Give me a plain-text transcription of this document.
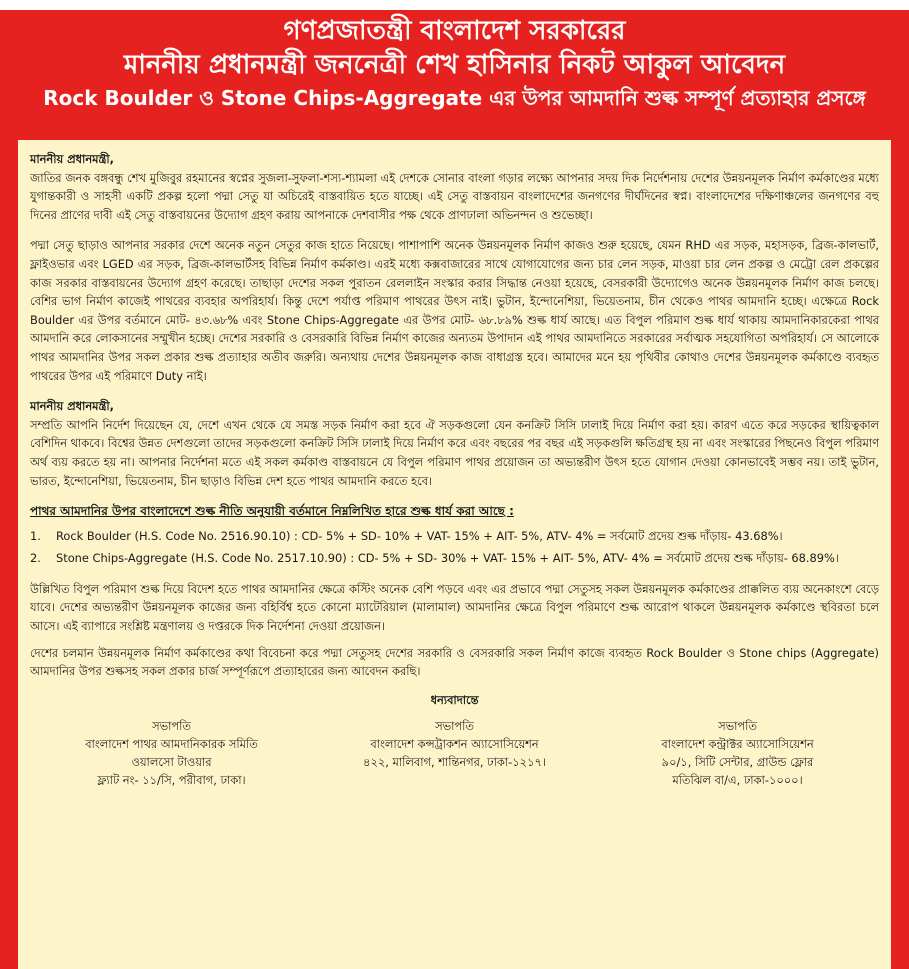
গণপ্রজাতন্ত্রী বাংলাদেশ সরকারের
মাননীয় প্রধানমন্ত্রী জননেত্রী শেখ হাসিনার নিকট আকুল আবেদন
Rock Boulder ও Stone Chips-Aggregate এর উপর আমদানি শুল্ক সম্পূর্ণ প্রত্যাহার প্রসঙ্গে

মাননীয় প্রধানমন্ত্রী,

জাতির জনক বঙ্গবন্ধু শেখ মুজিবুর রহমানের স্বপ্নের সুজলা-সুফলা-শস্য-শ্যামলা এই দেশকে সোনার বাংলা গড়ার লক্ষ্যে আপনার সদয় দিক নির্দেশনায় দেশের উন্নয়নমূলক নির্মাণ কর্মকাণ্ডের মধ্যে যুগান্তকারী ও সাহসী একটি প্রকল্প হলো পদ্মা সেতু যা অচিরেই বাস্তবায়িত হতে যাচ্ছে। এই সেতু বাস্তবায়ন বাংলাদেশের জনগণের দীর্ঘদিনের স্বপ্ন। বাংলাদেশের দক্ষিণাঞ্চলের জনগণের বহু দিনের প্রাণের দাবী এই সেতু বাস্তবায়নের উদ্যোগ গ্রহণ করায় আপনাকে দেশবাসীর পক্ষ থেকে প্রাণঢালা অভিনন্দন ও শুভেচ্ছা।

পদ্মা সেতু ছাড়াও আপনার সরকার দেশে অনেক নতুন সেতুর কাজ হাতে নিয়েছে। পাশাপাশি অনেক উন্নয়নমূলক নির্মাণ কাজও শুরু হয়েছে, যেমন RHD এর সড়ক, মহাসড়ক, ব্রিজ-কালভার্ট, ফ্লাইওভার এবং LGED এর সড়ক, ব্রিজ-কালভার্টসহ বিভিন্ন নির্মাণ কর্মকাণ্ড। এরই মধ্যে কক্সবাজারের সাথে যোগাযোগের জন্য চার লেন সড়ক, মাওয়া চার লেন প্রকল্প ও মেট্রো রেল প্রকল্পের কাজ সরকার বাস্তবায়নের উদ্যোগ গ্রহণ করেছে। তাছাড়া দেশের সকল পুরাতন রেললাইন সংস্কার করার সিদ্ধান্ত নেওয়া হয়েছে, বেসরকারী উদ্যোগেও অনেক উন্নয়নমূলক নির্মাণ কাজ চলছে। বেশির ভাগ নির্মাণ কাজেই পাথরের ব্যবহার অপরিহার্য। কিন্তু দেশে পর্যাপ্ত পরিমাণ পাথরের উৎস নাই। ভুটান, ইন্দোনেশিয়া, ভিয়েতনাম, চীন থেকেও পাথর আমদানি হচ্ছে। এক্ষেত্রে Rock Boulder এর উপর বর্তমানে মোট- ৪৩.৬৮% এবং Stone Chips-Aggregate এর উপর মোট- ৬৮.৮৯% শুল্ক ধার্য আছে। এত বিপুল পরিমাণ শুল্ক ধার্য থাকায় আমদানিকারকেরা পাথর আমদানি করে লোকসানের সম্মুখীন হচ্ছে। দেশের সরকারি ও বেসরকারি বিভিন্ন নির্মাণ কাজের অন্যতম উপাদান এই পাথর আমদানিতে সরকারের সর্বাত্মক সহযোগিতা অপরিহার্য। সে আলোকে পাথর আমদানির উপর সকল প্রকার শুল্ক প্রত্যাহার অতীব জরুরি। অন্যথায় দেশের উন্নয়নমূলক কাজ বাধাগ্রস্ত হবে। আমাদের মনে হয় পৃথিবীর কোথাও দেশের উন্নয়নমূলক কর্মকাণ্ডে ব্যবহৃত পাথরের উপর এই পরিমাণে Duty নাই।

মাননীয় প্রধানমন্ত্রী,

সম্প্রতি আপনি নির্দেশ দিয়েছেন যে, দেশে এখন থেকে যে সমস্ত সড়ক নির্মাণ করা হবে ঐ সড়কগুলো যেন কনক্রিট সিসি ঢালাই দিয়ে নির্মাণ করা হয়। কারণ এতে করে সড়কের স্থায়িত্বকাল বেশিদিন থাকবে। বিশ্বের উন্নত দেশগুলো তাদের সড়কগুলো কনক্রিট সিসি ঢালাই দিয়ে নির্মাণ করে এবং বছরের পর বছর এই সড়কগুলি ক্ষতিগ্রস্থ হয় না এবং সংস্কারের পিছনেও বিপুল পরিমাণ অর্থ ব্যয় করতে হয় না। আপনার নির্দেশনা মতে এই সকল কর্মকাণ্ড বাস্তবায়নে যে বিপুল পরিমাণ পাথর প্রয়োজন তা অভ্যন্তরীণ উৎস হতে যোগান দেওয়া কোনভাবেই সম্ভব নয়। তাই ভুটান, ভারত, ইন্দোনেশিয়া, ভিয়েতনাম, চীন ছাড়াও বিভিন্ন দেশ হতে পাথর আমদানি করতে হবে।

পাথর আমদানির উপর বাংলাদেশে শুল্ক নীতি অনুযায়ী বর্তমানে নিম্নলিখিত হারে শুল্ক ধার্য করা আছে :

1.	Rock Boulder (H.S. Code No. 2516.90.10) : CD- 5% + SD- 10% + VAT- 15% + AIT- 5%, ATV- 4% = সর্বমোট প্রদেয় শুল্ক দাঁড়ায়- 43.68%।
2.	Stone Chips-Aggregate (H.S. Code No. 2517.10.90) : CD- 5% + SD- 30% + VAT- 15% + AIT- 5%, ATV- 4% = সর্বমোট প্রদেয় শুল্ক দাঁড়ায়- 68.89%।

উল্লিখিত বিপুল পরিমাণ শুল্ক দিয়ে বিদেশ হতে পাথর আমদানির ক্ষেত্রে কস্টিং অনেক বেশি পড়বে এবং এর প্রভাবে পদ্মা সেতুসহ সকল উন্নয়নমূলক কর্মকাণ্ডের প্রাক্কলিত ব্যয় অনেকাংশে বেড়ে যাবে। দেশের অভ্যন্তরীণ উন্নয়নমূলক কাজের জন্য বহির্বিশ্ব হতে কোনো ম্যাটেরিয়াল (মালামাল) আমদানির ক্ষেত্রে বিপুল পরিমাণে শুল্ক আরোপ থাকলে উন্নয়নমূলক কর্মকাণ্ডে স্থবিরতা চলে আসে। এই ব্যাপারে সংশ্লিষ্ট মন্ত্রণালয় ও দপ্তরকে দিক নির্দেশনা দেওয়া প্রয়োজন।

দেশের চলমান উন্নয়নমূলক নির্মাণ কর্মকাণ্ডের কথা বিবেচনা করে পদ্মা সেতুসহ দেশের সরকারি ও বেসরকারি সকল নির্মাণ কাজে ব্যবহৃত Rock Boulder ও Stone chips (Aggregate) আমদানির উপর শুল্কসহ সকল প্রকার চার্জ সম্পূর্ণরূপে প্রত্যাহারের জন্য আবেদন করছি।

ধন্যবাদান্তে
সভাপতি
বাংলাদেশ পাথর আমদানিকারক সমিতি
ওয়ালসো টাওয়ার
ফ্ল্যাট নং- ১১/সি, পরীবাগ, ঢাকা।
সভাপতি
বাংলাদেশ কন্সট্রাকশন অ্যাসোসিয়েশন
৪২২, মালিবাগ, শান্তিনগর, ঢাকা-১২১৭।
সভাপতি
বাংলাদেশ কন্ট্রাক্টর অ্যাসোসিয়েশন
৯০/১, সিটি সেন্টার, গ্রাউন্ড ফ্লোর
মতিঝিল বা/এ, ঢাকা-১০০০।
